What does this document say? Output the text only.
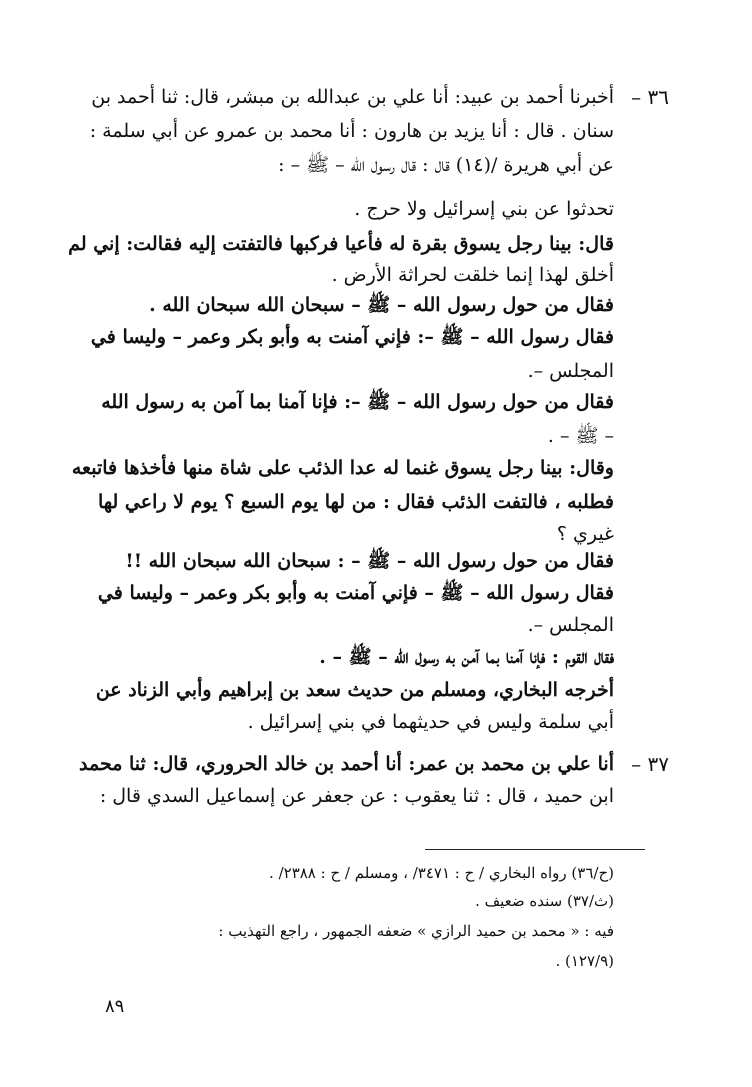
٣٦ –
أخبرنا أحمد بن عبيد: أنا علي بن عبدالله بن مبشر، قال: ثنا أحمد بن
سنان . قال : أنا يزيد بن هارون : أنا محمد بن عمرو عن أبي سلمة :
عن أبي هريرة /(١٤) قال : قال رسول الله – ﷺ – :
تحدثوا عن بني إسرائيل ولا حرج .
قال: بينا رجل يسوق بقرة له فأعيا فركبها فالتفتت إليه فقالت: إني لم
أخلق لهذا إنما خلقت لحراثة الأرض .
فقال من حول رسول الله – ﷺ – سبحان الله سبحان الله .
فقال رسول الله – ﷺ –: فإني آمنت به وأبو بكر وعمر – وليسا في
المجلس –.
فقال من حول رسول الله – ﷺ –: فإنا آمنا بما آمن به رسول الله
– ﷺ – .
وقال: بينا رجل يسوق غنما له عدا الذئب على شاة منها فأخذها فاتبعه
فطلبه ، فالتفت الذئب فقال : من لها يوم السبع ؟ يوم لا راعي لها
غيري ؟
فقال من حول رسول الله – ﷺ – : سبحان الله سبحان الله !!
فقال رسول الله – ﷺ – فإني آمنت به وأبو بكر وعمر – وليسا في
المجلس –.
فقال القوم : فإنا آمنا بما آمن به رسول الله – ﷺ – .
أخرجه البخاري، ومسلم من حديث سعد بن إبراهيم وأبي الزناد عن
أبي سلمة وليس في حديثهما في بني إسرائيل .
٣٧ –
أنا علي بن محمد بن عمر: أنا أحمد بن خالد الحروري، قال: ثنا محمد
ابن حميد ، قال : ثنا يعقوب : عن جعفر عن إسماعيل السدي قال :
(ح/٣٦) رواه البخاري / ح : ٣٤٧١/ ، ومسلم / ح : ٢٣٨٨/ .
(ث/٣٧) سنده ضعيف .
فيه : « محمد بن حميد الرازي » ضعفه الجمهور ، راجع التهذيب :
(١٢٧/٩) .
٨٩
